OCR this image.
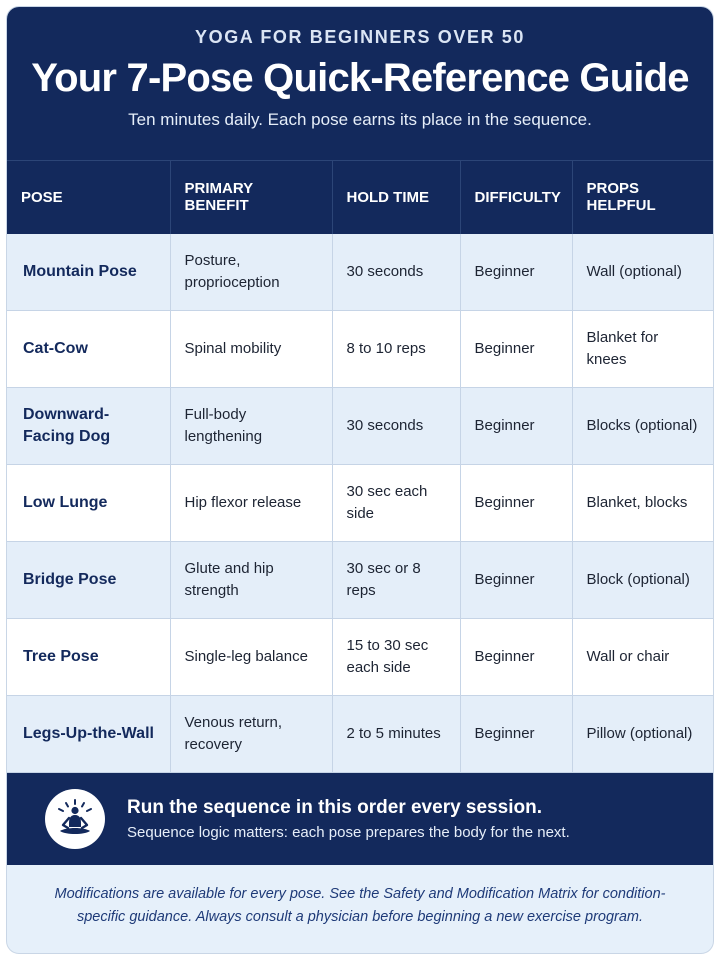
YOGA FOR BEGINNERS OVER 50
Your 7-Pose Quick-Reference Guide
Ten minutes daily. Each pose earns its place in the sequence.
POSE	PRIMARY BENEFIT	HOLD TIME	DIFFICULTY	PROPS HELPFUL
Mountain Pose	Posture, proprioception	30 seconds	Beginner	Wall (optional)
Cat-Cow	Spinal mobility	8 to 10 reps	Beginner	Blanket for knees
Downward-Facing Dog	Full-body lengthening	30 seconds	Beginner	Blocks (optional)
Low Lunge	Hip flexor release	30 sec each side	Beginner	Blanket, blocks
Bridge Pose	Glute and hip strength	30 sec or 8 reps	Beginner	Block (optional)
Tree Pose	Single-leg balance	15 to 30 sec each side	Beginner	Wall or chair
Legs-Up-the-Wall	Venous return, recovery	2 to 5 minutes	Beginner	Pillow (optional)
Run the sequence in this order every session.
Sequence logic matters: each pose prepares the body for the next.
Modifications are available for every pose. See the Safety and Modification Matrix for condition-specific guidance. Always consult a physician before beginning a new exercise program.
